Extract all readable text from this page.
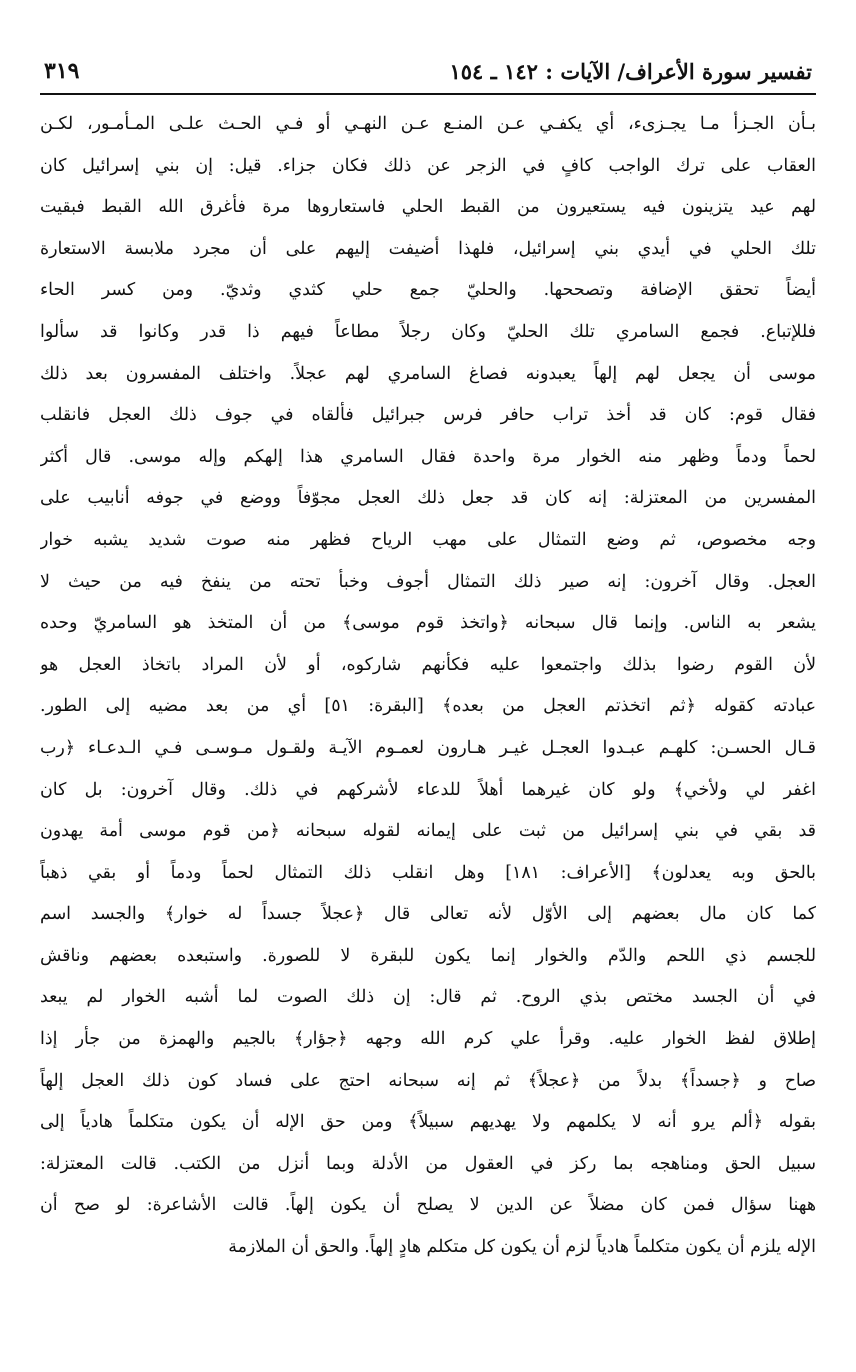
تفسير سورة الأعراف/ الآيات : ١٤٢ ـ ١٥٤
٣١٩
بـأن الجـزأ مـا يجـزىء، أي يكفـي عـن المنـع عـن النهـي أو فـي الحـث علـى المـأمـور، لكـن
العقاب على ترك الواجب كافٍ في الزجر عن ذلك فكان جزاء. قيل: إن بني إسرائيل كان
لهم عيد يتزينون فيه يستعيرون من القبط الحلي فاستعاروها مرة فأغرق الله القبط فبقيت
تلك الحلي في أيدي بني إسرائيل، فلهذا أضيفت إليهم على أن مجرد ملابسة الاستعارة
أيضاً تحقق الإضافة وتصححها. والحليّ جمع حلي كثدي وثديّ. ومن كسر الحاء
فللإتباع. فجمع السامري تلك الحليّ وكان رجلاً مطاعاً فيهم ذا قدر وكانوا قد سألوا
موسى أن يجعل لهم إلهاً يعبدونه فصاغ السامري لهم عجلاً. واختلف المفسرون بعد ذلك
فقال قوم: كان قد أخذ تراب حافر فرس جبرائيل فألقاه في جوف ذلك العجل فانقلب
لحماً ودماً وظهر منه الخوار مرة واحدة فقال السامري هذا إلهكم وإله موسى. قال أكثر
المفسرين من المعتزلة: إنه كان قد جعل ذلك العجل مجوّفاً ووضع في جوفه أنابيب على
وجه مخصوص، ثم وضع التمثال على مهب الرياح فظهر منه صوت شديد يشبه خوار
العجل. وقال آخرون: إنه صير ذلك التمثال أجوف وخبأ تحته من ينفخ فيه من حيث لا
يشعر به الناس. وإنما قال سبحانه ﴿واتخذ قوم موسى﴾ من أن المتخذ هو السامريّ وحده
لأن القوم رضوا بذلك واجتمعوا عليه فكأنهم شاركوه، أو لأن المراد باتخاذ العجل هو
عبادته كقوله ﴿ثم اتخذتم العجل من بعده﴾ [البقرة: ٥١] أي من بعد مضيه إلى الطور.
قـال الحسـن: كلهـم عبـدوا العجـل غيـر هـارون لعمـوم الآيـة ولقـول مـوسـى فـي الـدعـاء ﴿رب
اغفر لي ولأخي﴾ ولو كان غيرهما أهلاً للدعاء لأشركهم في ذلك. وقال آخرون: بل كان
قد بقي في بني إسرائيل من ثبت على إيمانه لقوله سبحانه ﴿من قوم موسى أمة يهدون
بالحق وبه يعدلون﴾ [الأعراف: ١٨١] وهل انقلب ذلك التمثال لحماً ودماً أو بقي ذهباً
كما كان مال بعضهم إلى الأوّل لأنه تعالى قال ﴿عجلاً جسداً له خوار﴾ والجسد اسم
للجسم ذي اللحم والدّم والخوار إنما يكون للبقرة لا للصورة. واستبعده بعضهم وناقش
في أن الجسد مختص بذي الروح. ثم قال: إن ذلك الصوت لما أشبه الخوار لم يبعد
إطلاق لفظ الخوار عليه. وقرأ علي كرم الله وجهه ﴿جؤار﴾ بالجيم والهمزة من جأر إذا
صاح و ﴿جسداً﴾ بدلاً من ﴿عجلاً﴾ ثم إنه سبحانه احتج على فساد كون ذلك العجل إلهاً
بقوله ﴿ألم يرو أنه لا يكلمهم ولا يهديهم سبيلاً﴾ ومن حق الإله أن يكون متكلماً هادياً إلى
سبيل الحق ومناهجه بما ركز في العقول من الأدلة وبما أنزل من الكتب. قالت المعتزلة:
ههنا سؤال فمن كان مضلاً عن الدين لا يصلح أن يكون إلهاً. قالت الأشاعرة: لو صح أن
الإله يلزم أن يكون متكلماً هادياً لزم أن يكون كل متكلم هادٍ إلهاً. والحق أن الملازمة
